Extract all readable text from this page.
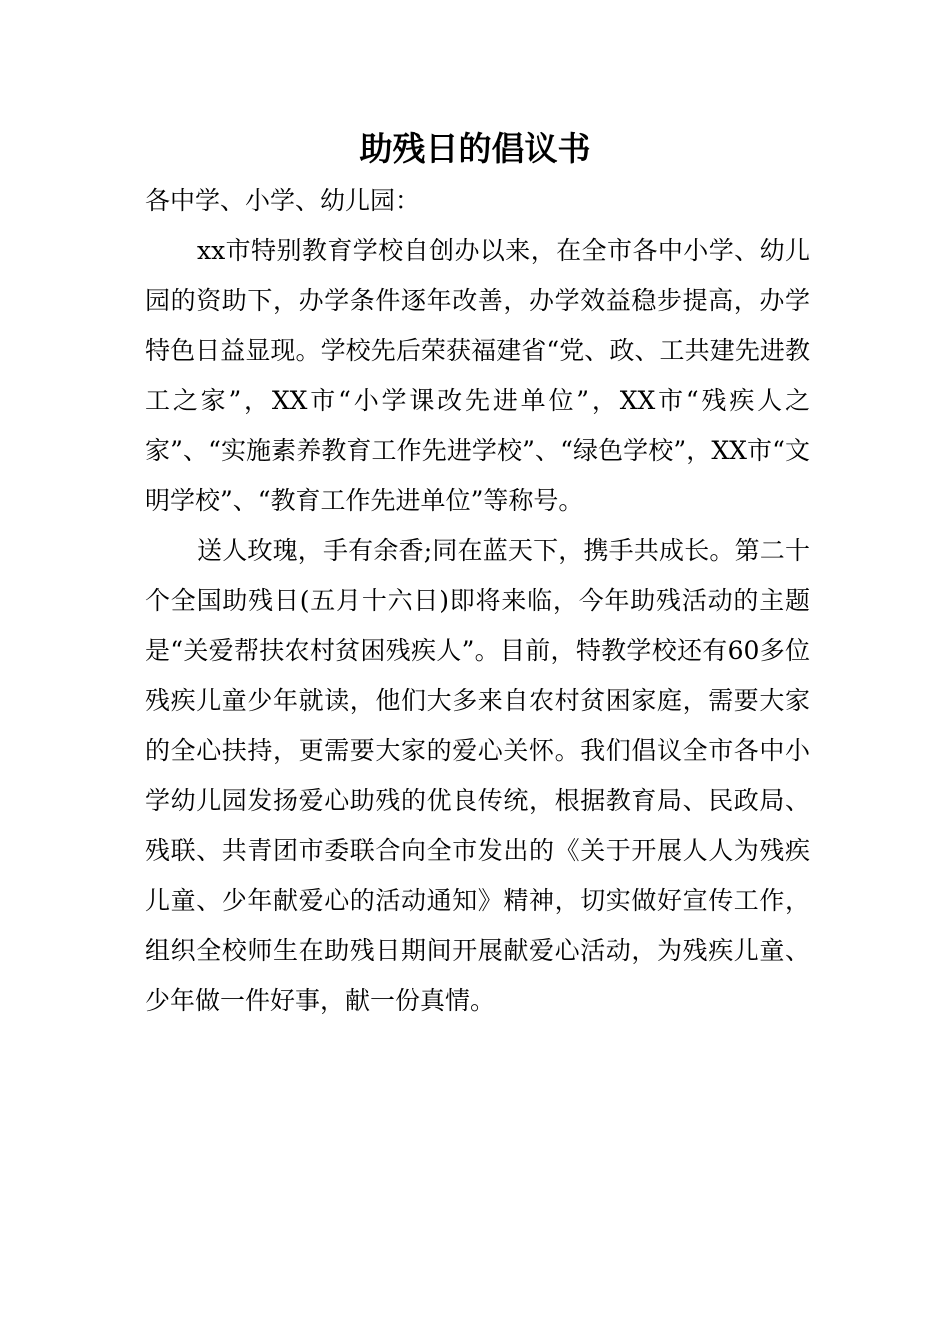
助残日的倡议书

各中学、小学、幼儿园：

xx市特别教育学校自创办以来，在全市各中小学、幼儿园的资助下，办学条件逐年改善，办学效益稳步提高，办学特色日益显现。学校先后荣获福建省“党、政、工共建先进教工之家”，XX市“小学课改先进单位”，XX市“残疾人之家”、“实施素养教育工作先进学校”、“绿色学校”，XX市“文明学校”、“教育工作先进单位”等称号。

送人玫瑰，手有余香;同在蓝天下，携手共成长。第二十个全国助残日(五月十六日)即将来临，今年助残活动的主题是“关爱帮扶农村贫困残疾人”。目前，特教学校还有60多位残疾儿童少年就读，他们大多来自农村贫困家庭，需要大家的全心扶持，更需要大家的爱心关怀。我们倡议全市各中小学幼儿园发扬爱心助残的优良传统，根据教育局、民政局、残联、共青团市委联合向全市发出的《关于开展人人为残疾儿童、少年献爱心的活动通知》精神，切实做好宣传工作，组织全校师生在助残日期间开展献爱心活动，为残疾儿童、少年做一件好事，献一份真情。
